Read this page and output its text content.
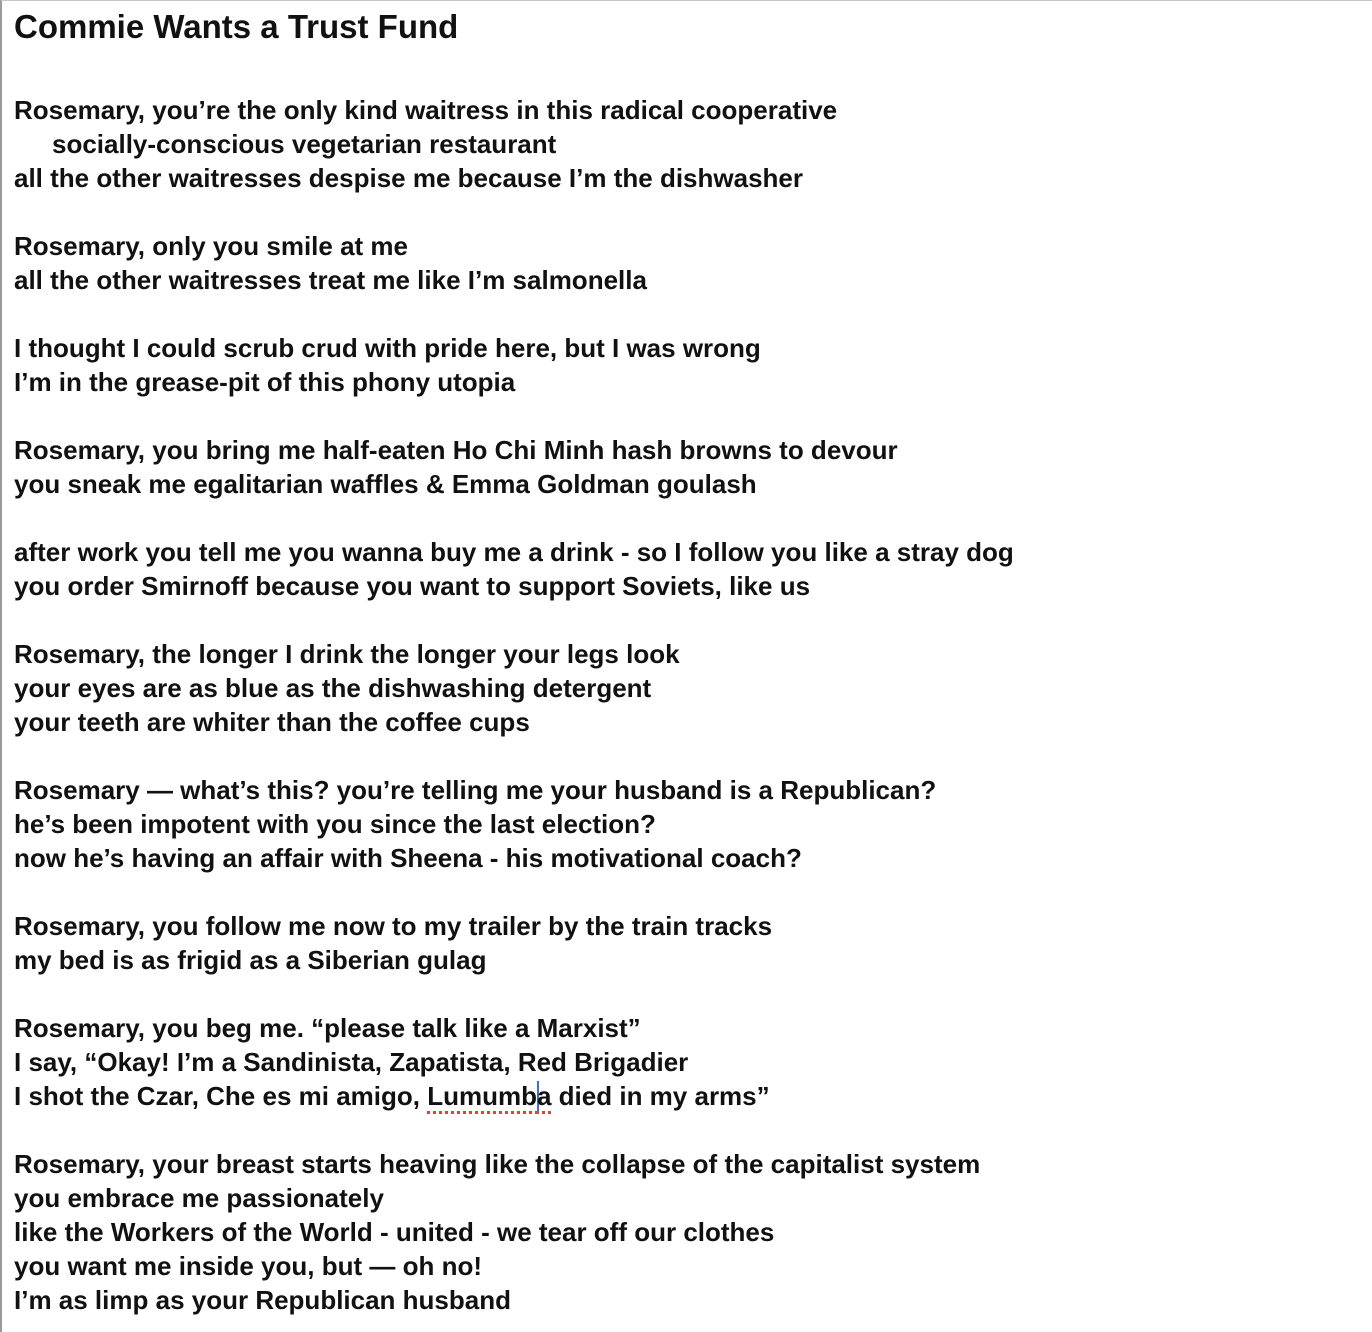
Commie Wants a Trust Fund
Rosemary, you’re the only kind waitress in this radical cooperative
socially-conscious vegetarian restaurant
all the other waitresses despise me because I’m the dishwasher
Rosemary, only you smile at me
all the other waitresses treat me like I’m salmonella
I thought I could scrub crud with pride here, but I was wrong
I’m in the grease-pit of this phony utopia
Rosemary, you bring me half-eaten Ho Chi Minh hash browns to devour
you sneak me egalitarian waffles & Emma Goldman goulash
after work you tell me you wanna buy me a drink - so I follow you like a stray dog
you order Smirnoff because you want to support Soviets, like us
Rosemary, the longer I drink the longer your legs look
your eyes are as blue as the dishwashing detergent
your teeth are whiter than the coffee cups
Rosemary — what’s this? you’re telling me your husband is a Republican?
he’s been impotent with you since the last election?
now he’s having an affair with Sheena - his motivational coach?
Rosemary, you follow me now to my trailer by the train tracks
my bed is as frigid as a Siberian gulag
Rosemary, you beg me. “please talk like a Marxist”
I say, “Okay! I’m a Sandinista, Zapatista, Red Brigadier
I shot the Czar, Che es mi amigo, Lumumba died in my arms”
Rosemary, your breast starts heaving like the collapse of the capitalist system
you embrace me passionately
like the Workers of the World - united - we tear off our clothes
you want me inside you, but — oh no!
I’m as limp as your Republican husband
